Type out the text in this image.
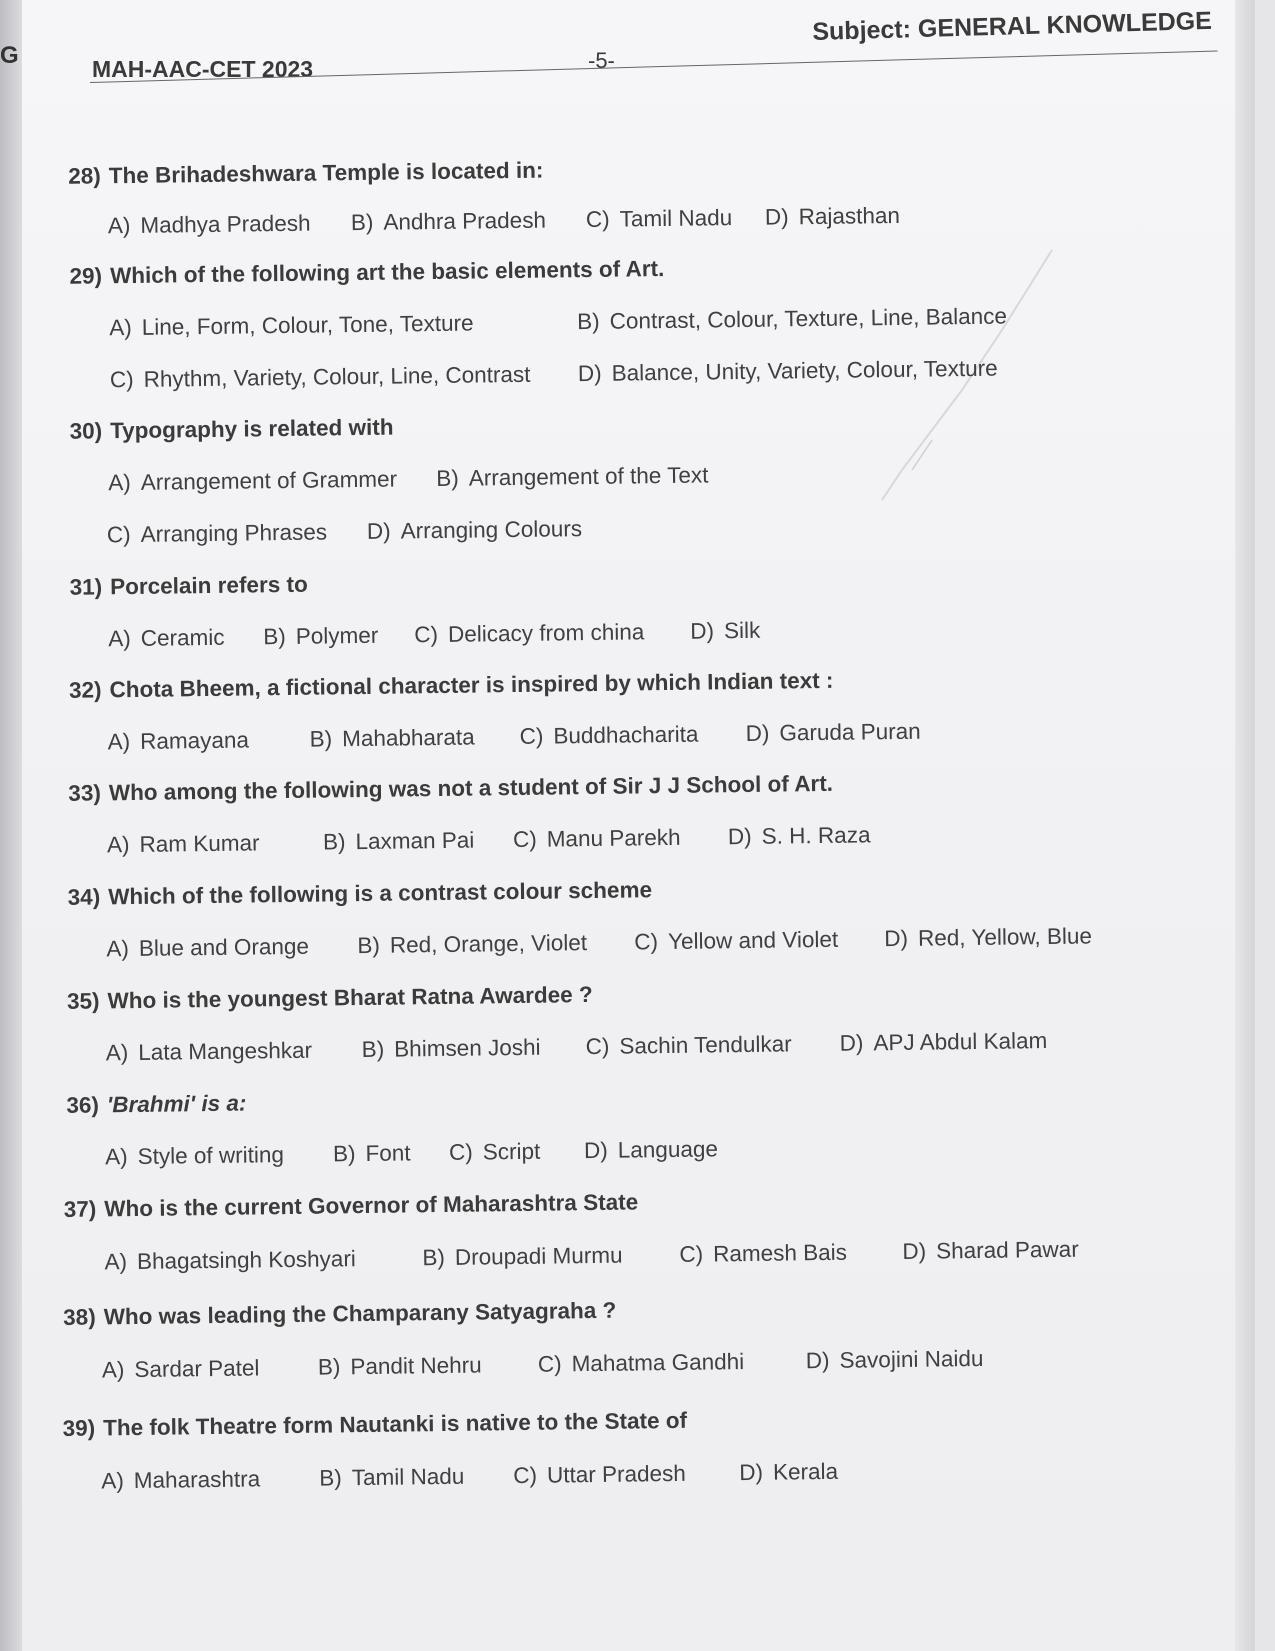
MAH-AAC-CET 2023	-5-
Subject: GENERAL KNOWLEDGE
28) The Brihadeshwara Temple is located in:
A) Madhya Pradesh B) Andhra Pradesh C) Tamil Nadu D) Rajasthan
29) Which of the following art the basic elements of Art.
A) Line, Form, Colour, Tone, Texture	B) Contrast, Colour, Texture, Line, Balance
C) Rhythm, Variety, Colour, Line, Contrast D) Balance, Unity, Variety, Colour, Texture
30) Typography is related with
A) Arrangement of Grammer B) Arrangement of the Text
C) Arranging Phrases D) Arranging Colours
31) Porcelain refers to
A) Ceramic B) Polymer C) Delicacy from china D) Silk
32) Chota Bheem, a fictional character is inspired by which Indian text :
A) Ramayana	B) Mahabharata C) Buddhacharita D) Garuda Puran
33) Who among the following was not a student of Sir J J School of Art.
A) Ram Kumar	B) Laxman Pai C) Manu Parekh D) S. H. Raza
34) Which of the following is a contrast colour scheme
A) Blue and Orange B) Red, Orange, Violet C) Yellow and Violet D) Red, Yellow, Blue
35) Who is the youngest Bharat Ratna Awardee ?
A) Lata Mangeshkar B) Bhimsen Joshi C) Sachin Tendulkar D) APJ Abdul Kalam
36) 'Brahmi' is a:
A) Style of writing B) Font C) Script D) Language
37) Who is the current Governor of Maharashtra State
A) Bhagatsingh Koshyari	B) Droupadi Murmu	C) Ramesh Bais D) Sharad Pawar
38) Who was leading the Champarany Satyagraha ?
A) Sardar Patel	B) Pandit Nehru C) Mahatma Gandhi	D) Savojini Naidu
39) The folk Theatre form Nautanki is native to the State of
A) Maharashtra	B) Tamil Nadu C) Uttar Pradesh D) Kerala
G
